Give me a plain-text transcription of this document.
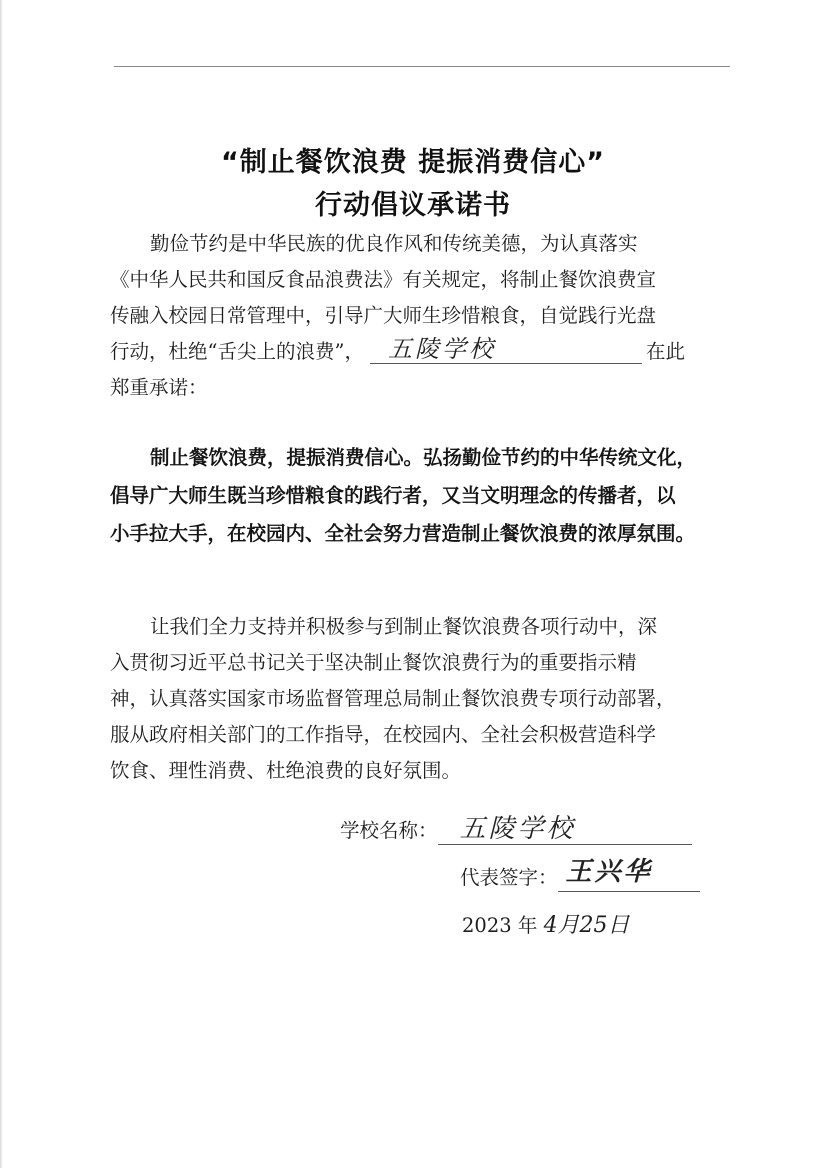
“制止餐饮浪费 提振消费信心”
行动倡议承诺书
勤俭节约是中华民族的优良作风和传统美德，为认真落实
《中华人民共和国反食品浪费法》有关规定，将制止餐饮浪费宣
传融入校园日常管理中，引导广大师生珍惜粮食，自觉践行光盘
行动，杜绝“舌尖上的浪费”， 五陵学校	在此
郑重承诺：
制止餐饮浪费，提振消费信心。弘扬勤俭节约的中华传统文化，
倡导广大师生既当珍惜粮食的践行者，又当文明理念的传播者，以
小手拉大手，在校园内、全社会努力营造制止餐饮浪费的浓厚氛围。
让我们全力支持并积极参与到制止餐饮浪费各项行动中，深
入贯彻习近平总书记关于坚决制止餐饮浪费行为的重要指示精
神，认真落实国家市场监督管理总局制止餐饮浪费专项行动部署，
服从政府相关部门的工作指导，在校园内、全社会积极营造科学
饮食、理性消费、杜绝浪费的良好氛围。
学校名称： 五陵学校
代表签字： 王兴华
2023 年 4月25日
